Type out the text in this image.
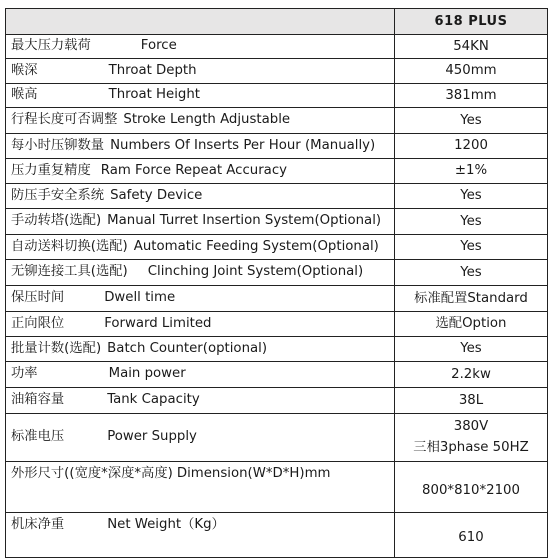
	618 PLUS
最大压力载荷 Force	54KN
喉深 Throat Depth	450mm
喉高 Throat Height	381mm
行程长度可否调整 Stroke Length Adjustable	Yes
每小时压铆数量 Numbers Of Inserts Per Hour (Manually)	1200
压力重复精度 Ram Force Repeat Accuracy	±1%
防压手安全系统 Safety Device	Yes
手动转塔(选配) Manual Turret Insertion System(Optional)	Yes
自动送料切换(选配) Automatic Feeding System(Optional)	Yes
无铆连接工具(选配) Clinching Joint System(Optional)	Yes
保压时间 Dwell time	标准配置Standard
正向限位 Forward Limited	选配Option
批量计数(选配) Batch Counter(optional)	Yes
功率 Main power	2.2kw
油箱容量 Tank Capacity	38L
标准电压 Power Supply	380V
三相3phase 50HZ

外形尺寸((宽度*深度*高度) Dimension(W*D*H)mm	800*810*2100
机床净重 Net Weight（Kg）	610
